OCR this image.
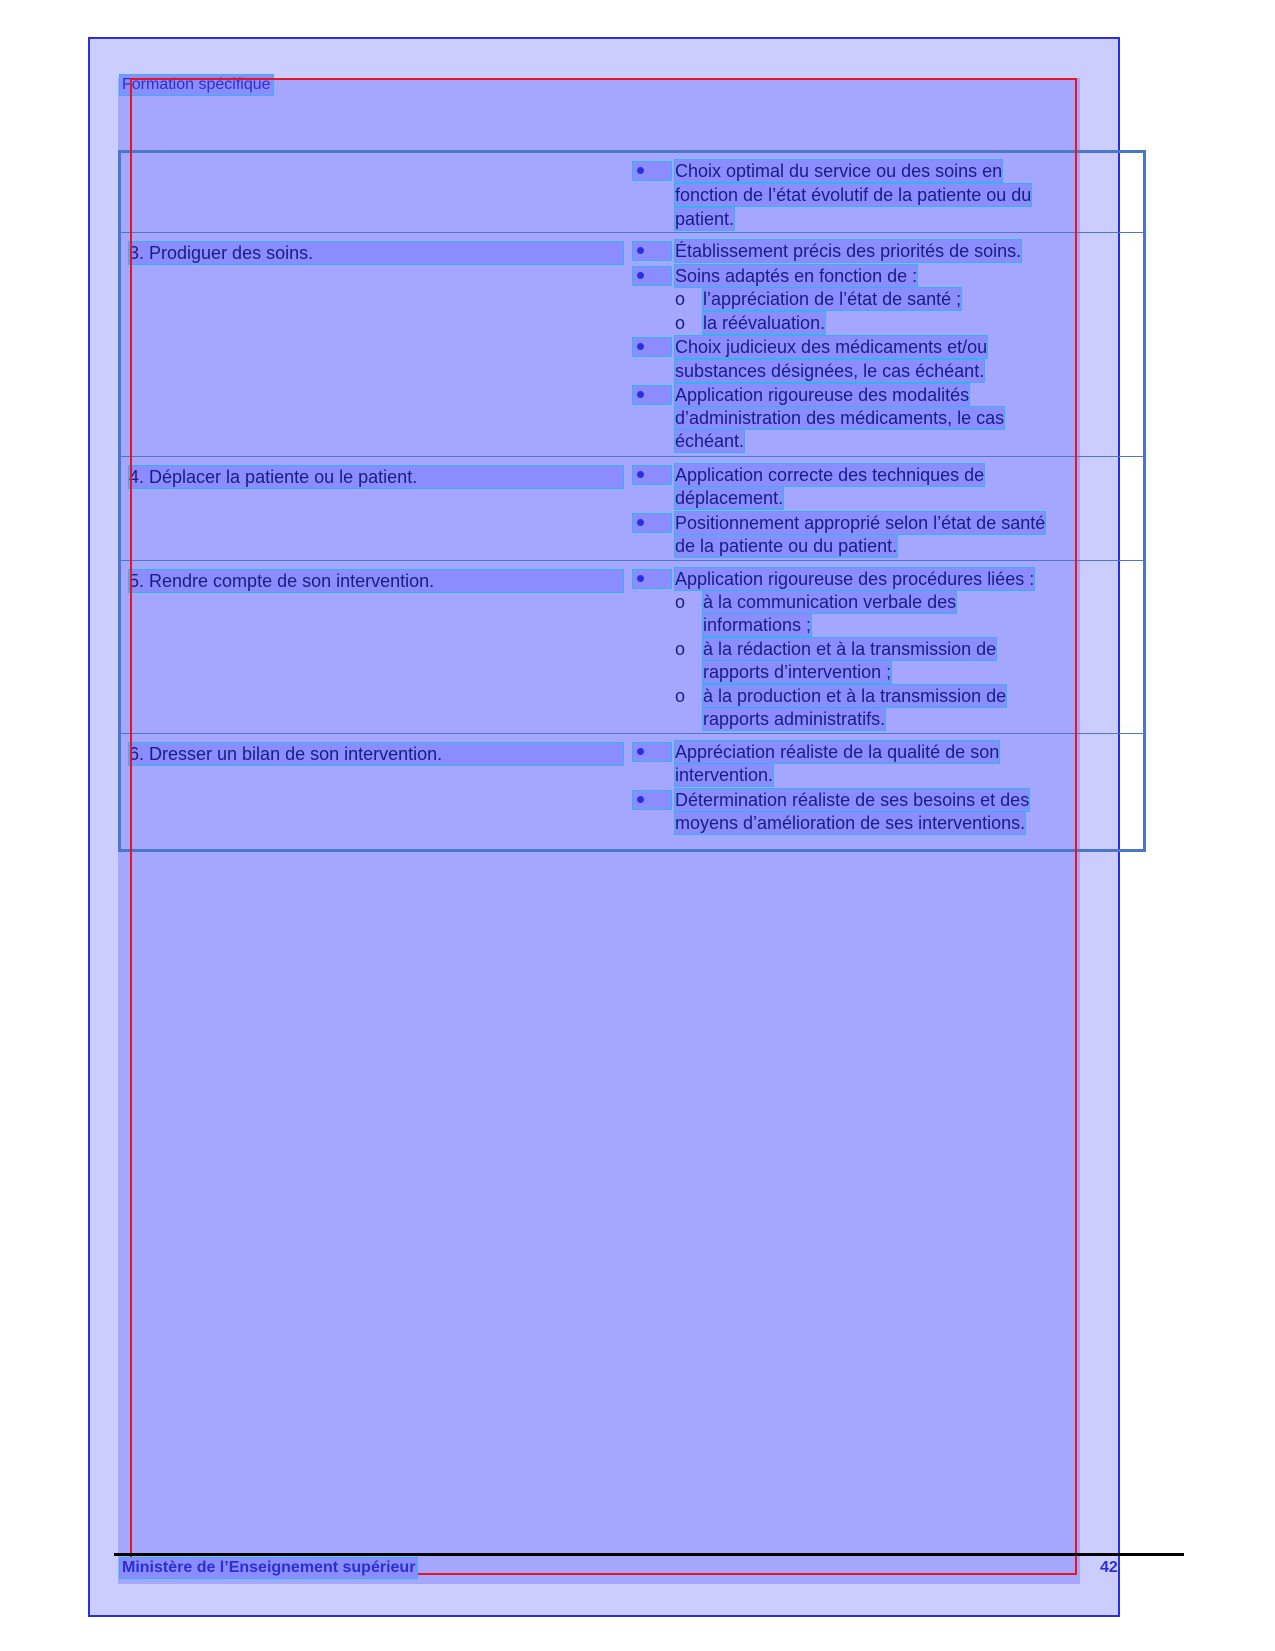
Formation spécifique
Choix optimal du service ou des soins en
fonction de l’état évolutif de la patiente ou du
patient.
3. Prodiguer des soins.	Établissement précis des priorités de soins.
Soins adaptés en fonction de :
o l’appréciation de l’état de santé ;
o la réévaluation.
Choix judicieux des médicaments et/ou
substances désignées, le cas échéant.
Application rigoureuse des modalités
d’administration des médicaments, le cas
échéant.
4. Déplacer la patiente ou le patient.	Application correcte des techniques de
déplacement.
Positionnement approprié selon l’état de santé
de la patiente ou du patient.
5. Rendre compte de son intervention.	Application rigoureuse des procédures liées :
o à la communication verbale des
informations ;
o à la rédaction et à la transmission de
rapports d’intervention ;
o à la production et à la transmission de
rapports administratifs.
6. Dresser un bilan de son intervention.	Appréciation réaliste de la qualité de son
intervention.
Détermination réaliste de ses besoins et des
moyens d’amélioration de ses interventions.
Ministère de l’Enseignement supérieur	42
